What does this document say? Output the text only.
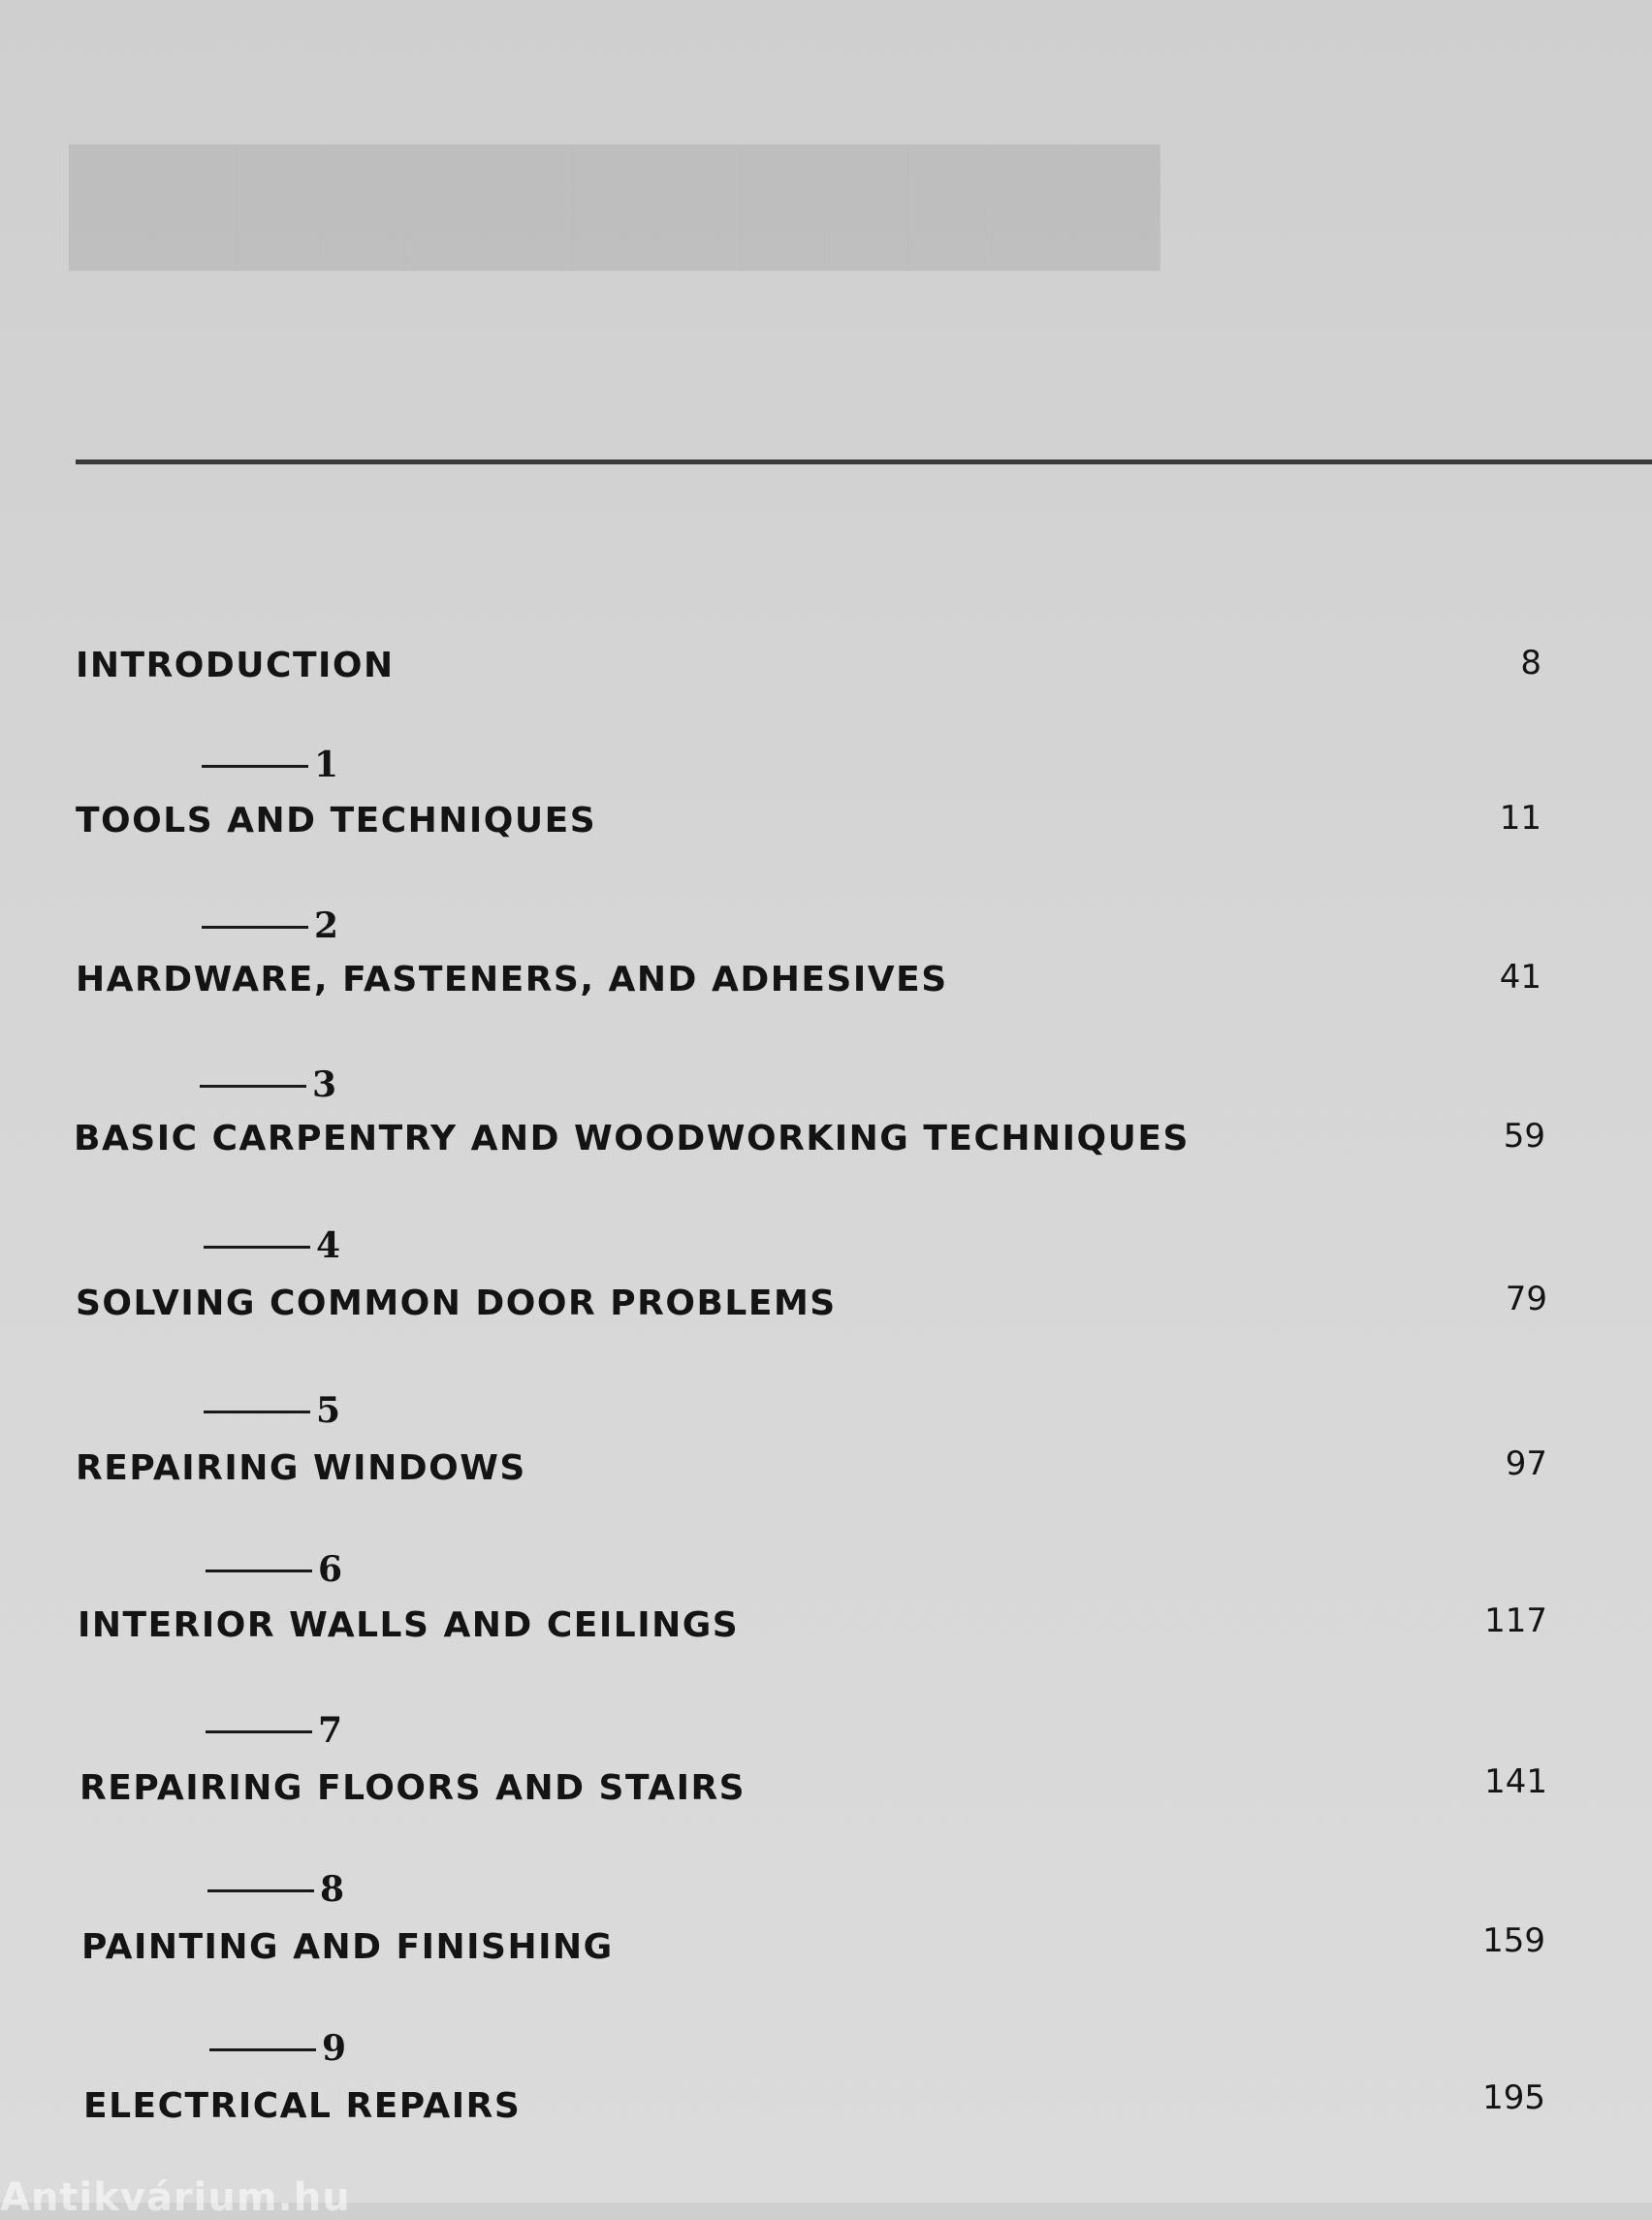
█████████████
INTRODUCTION	8
1
TOOLS AND TECHNIQUES	11
2
HARDWARE, FASTENERS, AND ADHESIVES	41
3
BASIC CARPENTRY AND WOODWORKING TECHNIQUES	59
4
SOLVING COMMON DOOR PROBLEMS	79
5
REPAIRING WINDOWS	97
6
INTERIOR WALLS AND CEILINGS	117
7
REPAIRING FLOORS AND STAIRS	141
8
PAINTING AND FINISHING	159
9
ELECTRICAL REPAIRS	195
Antikvárium.hu
